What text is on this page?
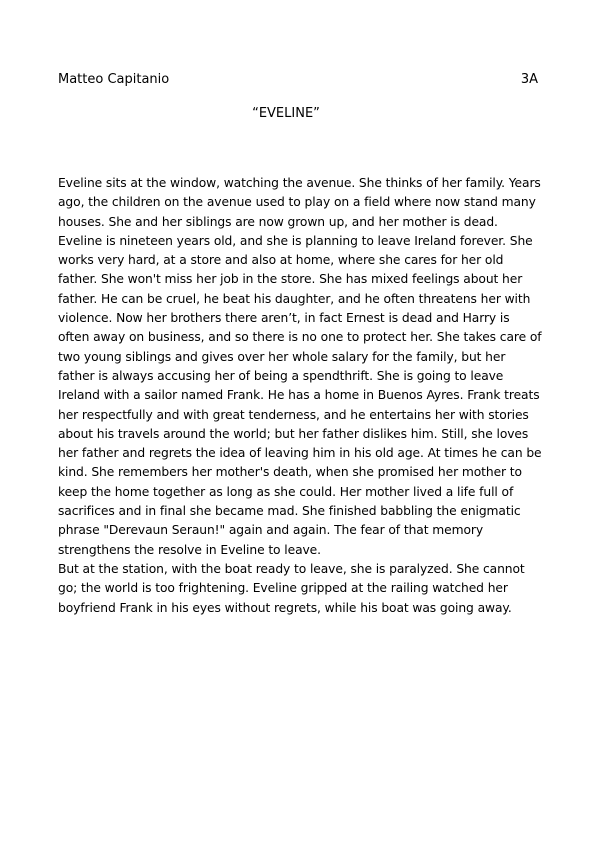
Matteo Capitanio	3A
“EVELINE”

Eveline sits at the window, watching the avenue. She thinks of her family. Years ago, the children on the avenue used to play on a field where now stand many houses. She and her siblings are now grown up, and her mother is dead. Eveline is nineteen years old, and she is planning to leave Ireland forever. She works very hard, at a store and also at home, where she cares for her old father. She won't miss her job in the store. She has mixed feelings about her father. He can be cruel, he beat his daughter, and he often threatens her with violence. Now her brothers there aren’t, in fact Ernest is dead and Harry is often away on business, and so there is no one to protect her. She takes care of two young siblings and gives over her whole salary for the family, but her father is always accusing her of being a spendthrift. She is going to leave Ireland with a sailor named Frank. He has a home in Buenos Ayres. Frank treats her respectfully and with great tenderness, and he entertains her with stories about his travels around the world; but her father dislikes him. Still, she loves her father and regrets the idea of leaving him in his old age. At times he can be kind. She remembers her mother's death, when she promised her mother to keep the home together as long as she could. Her mother lived a life full of sacrifices and in final she became mad. She finished babbling the enigmatic phrase "Derevaun Seraun!" again and again. The fear of that memory strengthens the resolve in Eveline to leave.

But at the station, with the boat ready to leave, she is paralyzed. She cannot go; the world is too frightening. Eveline gripped at the railing watched her boyfriend Frank in his eyes without regrets, while his boat was going away.
